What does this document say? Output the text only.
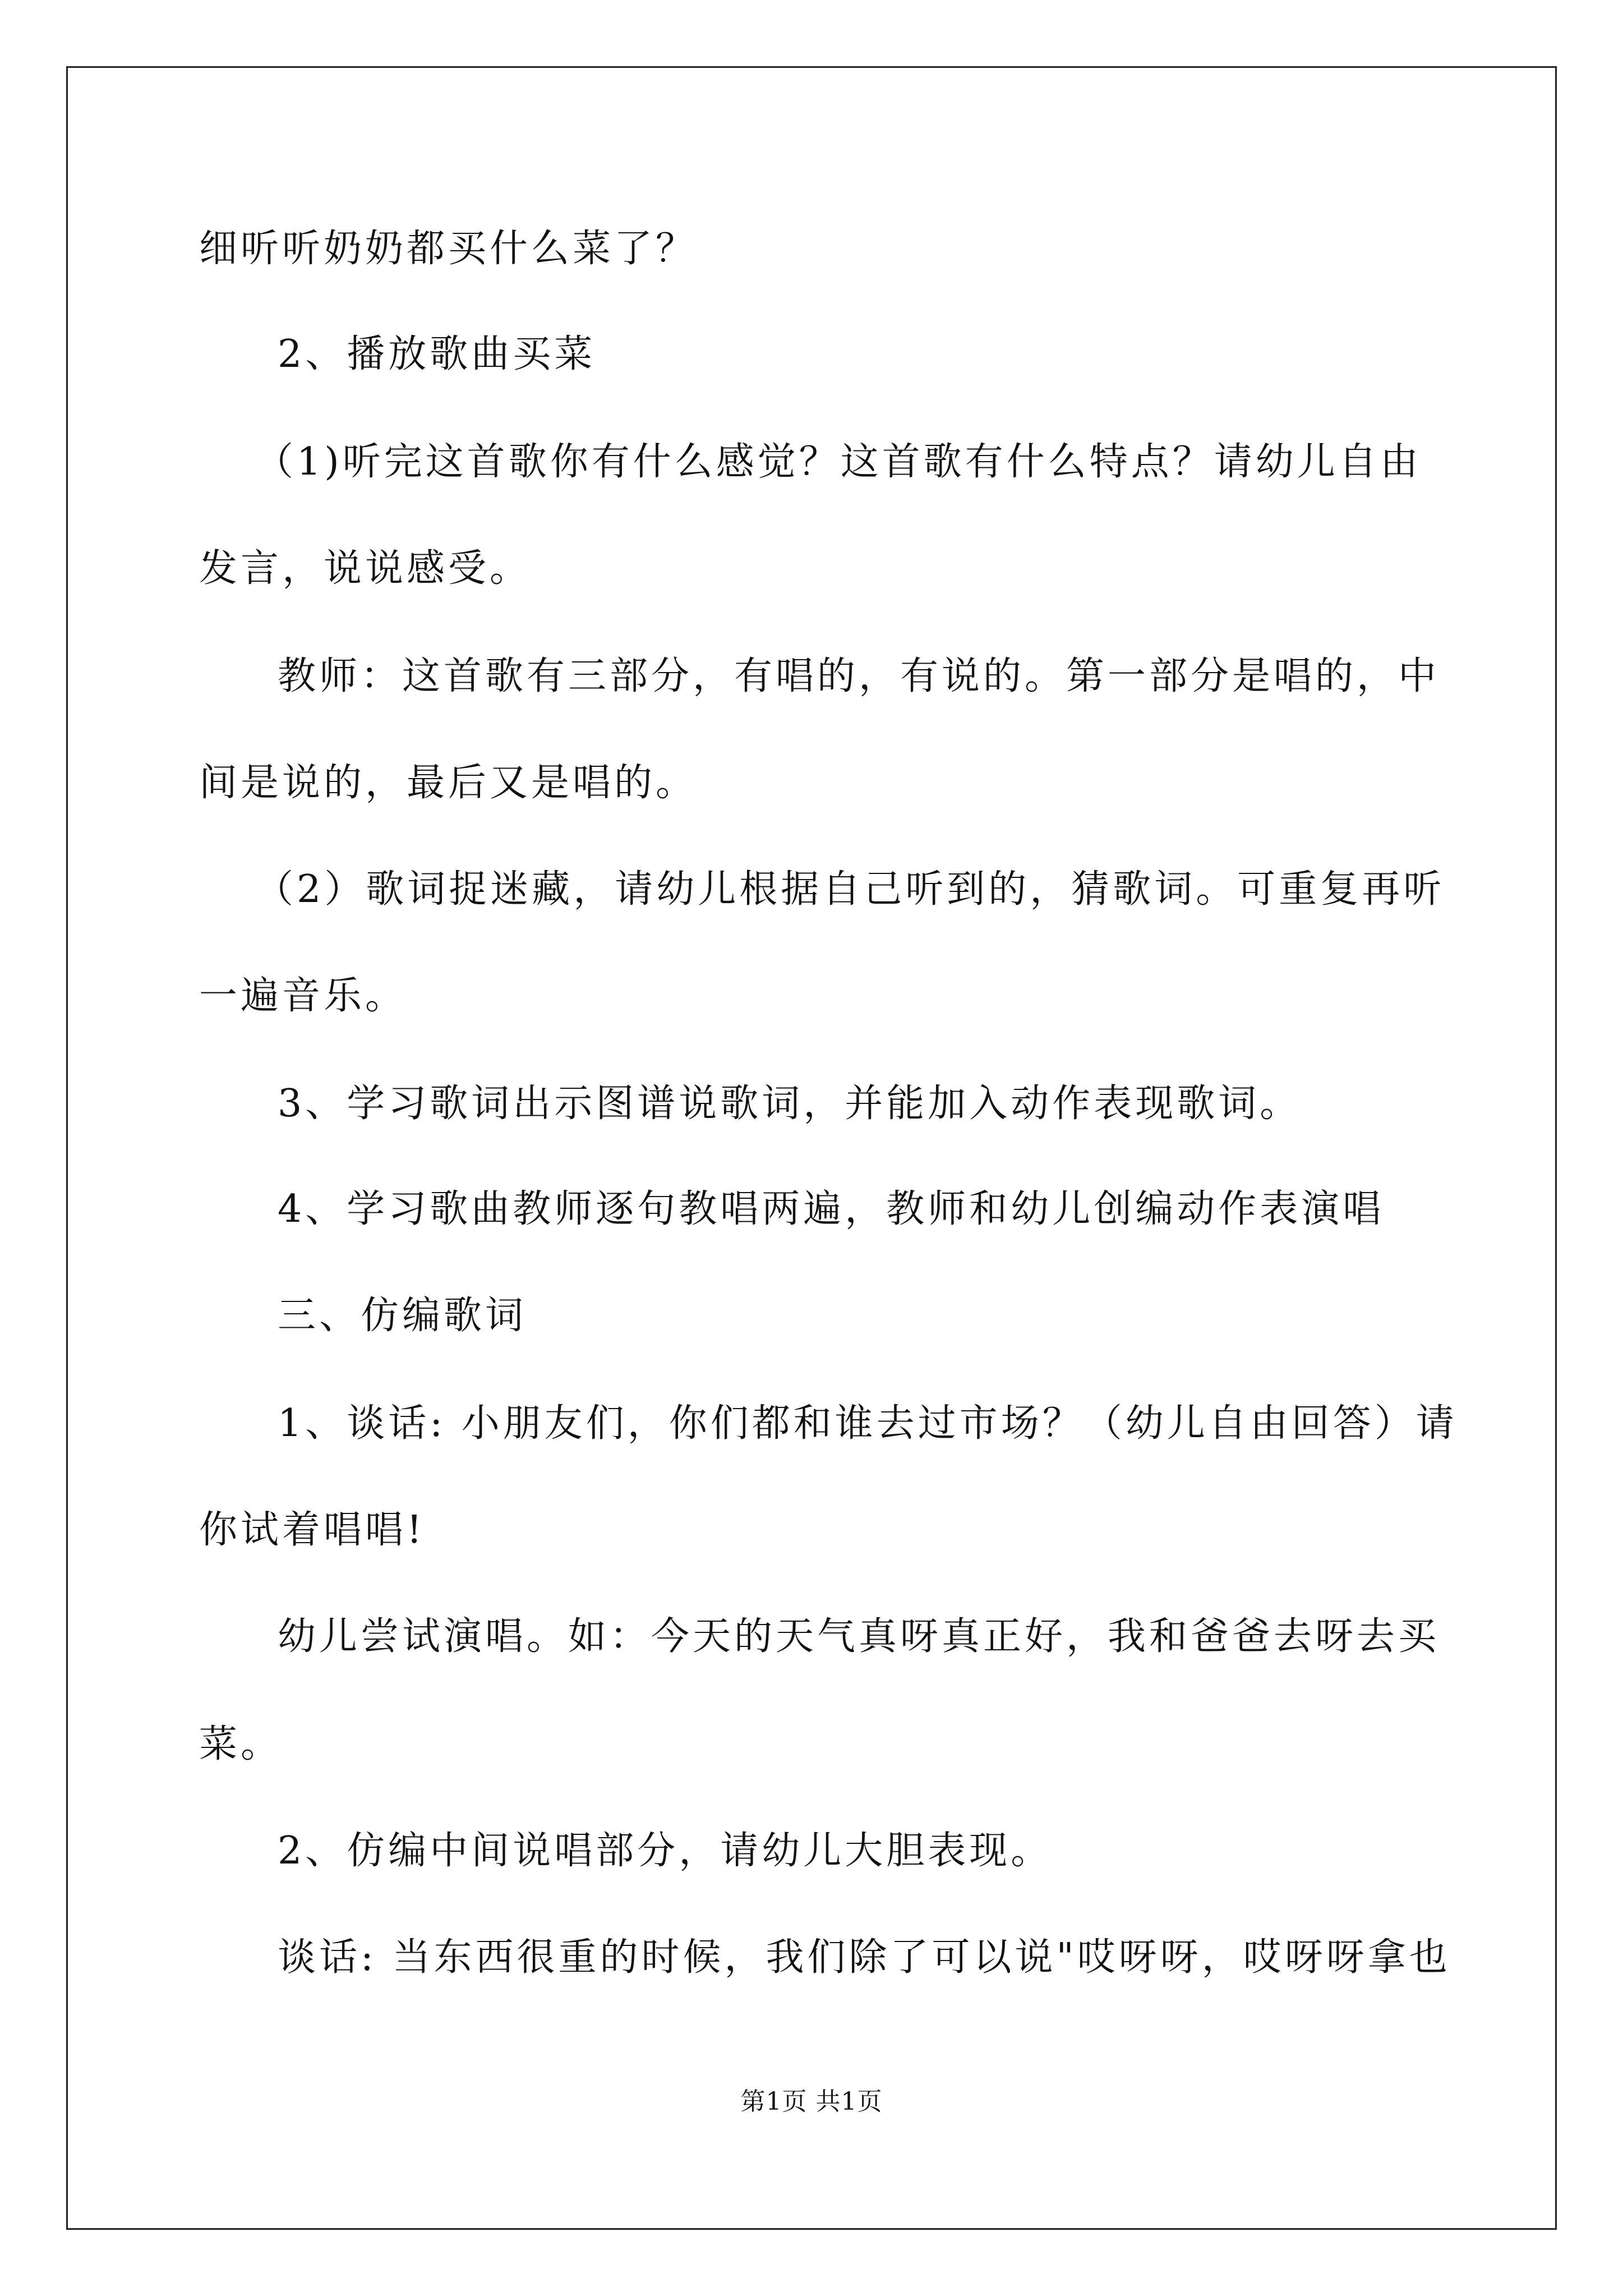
细听听奶奶都买什么菜了？
2、播放歌曲买菜
（1)听完这首歌你有什么感觉？这首歌有什么特点？请幼儿自由
发言，说说感受。
教师：这首歌有三部分，有唱的，有说的。第一部分是唱的，中
间是说的，最后又是唱的。
（2）歌词捉迷藏，请幼儿根据自己听到的，猜歌词。可重复再听
一遍音乐。
3、学习歌词出示图谱说歌词，并能加入动作表现歌词。
4、学习歌曲教师逐句教唱两遍，教师和幼儿创编动作表演唱
三、仿编歌词
1、谈话: 小朋友们，你们都和谁去过市场？（幼儿自由回答）请
你试着唱唱!
幼儿尝试演唱。如：今天的天气真呀真正好，我和爸爸去呀去买
菜。
2、仿编中间说唱部分，请幼儿大胆表现。
谈话: 当东西很重的时候，我们除了可以说"哎呀呀，哎呀呀拿也
第1页 共1页
